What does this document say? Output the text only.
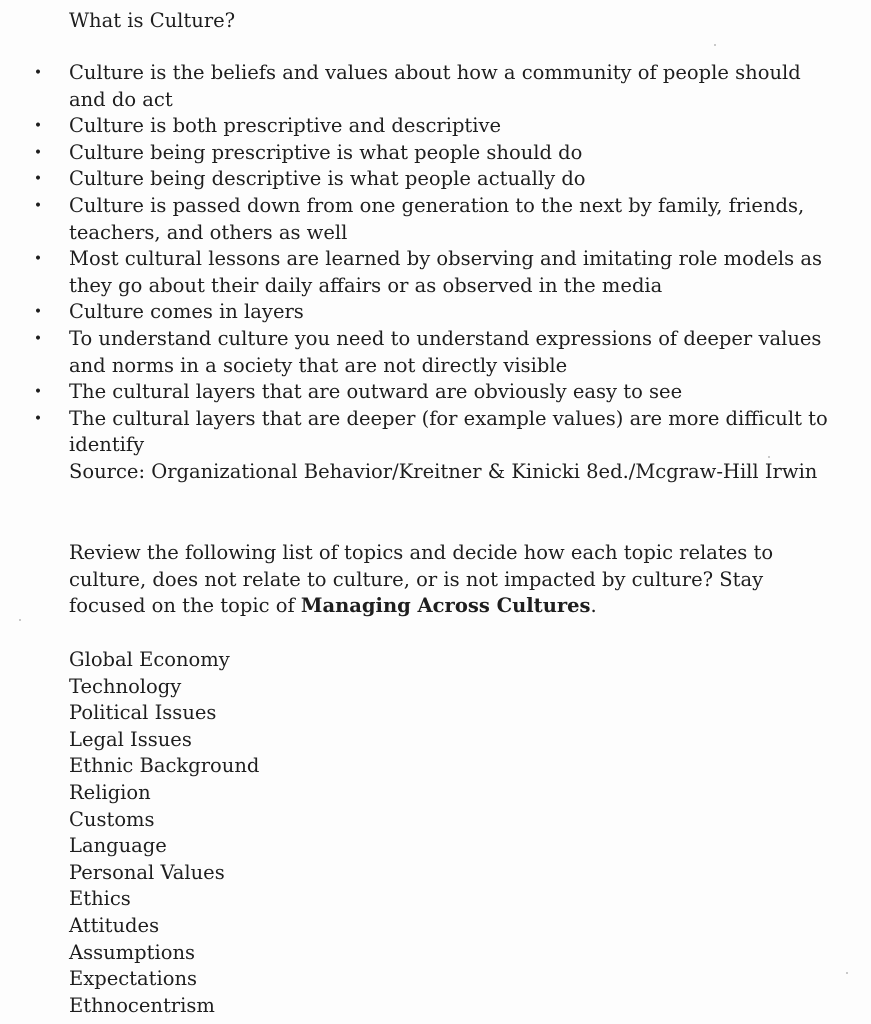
What is Culture?
• Culture is the beliefs and values about how a community of people should and do act
• Culture is both prescriptive and descriptive
• Culture being prescriptive is what people should do
• Culture being descriptive is what people actually do
• Culture is passed down from one generation to the next by family, friends, teachers, and others as well
• Most cultural lessons are learned by observing and imitating role models as they go about their daily affairs or as observed in the media
• Culture comes in layers
• To understand culture you need to understand expressions of deeper values and norms in a society that are not directly visible
• The cultural layers that are outward are obviously easy to see
• The cultural layers that are deeper (for example values) are more difficult to identify
Source: Organizational Behavior/Kreitner & Kinicki 8ed./Mcgraw-Hill Irwin
Review the following list of topics and decide how each topic relates to culture, does not relate to culture, or is not impacted by culture? Stay focused on the topic of Managing Across Cultures.
Global Economy
Technology
Political Issues
Legal Issues
Ethnic Background
Religion
Customs
Language
Personal Values
Ethics
Attitudes
Assumptions
Expectations
Ethnocentrism
